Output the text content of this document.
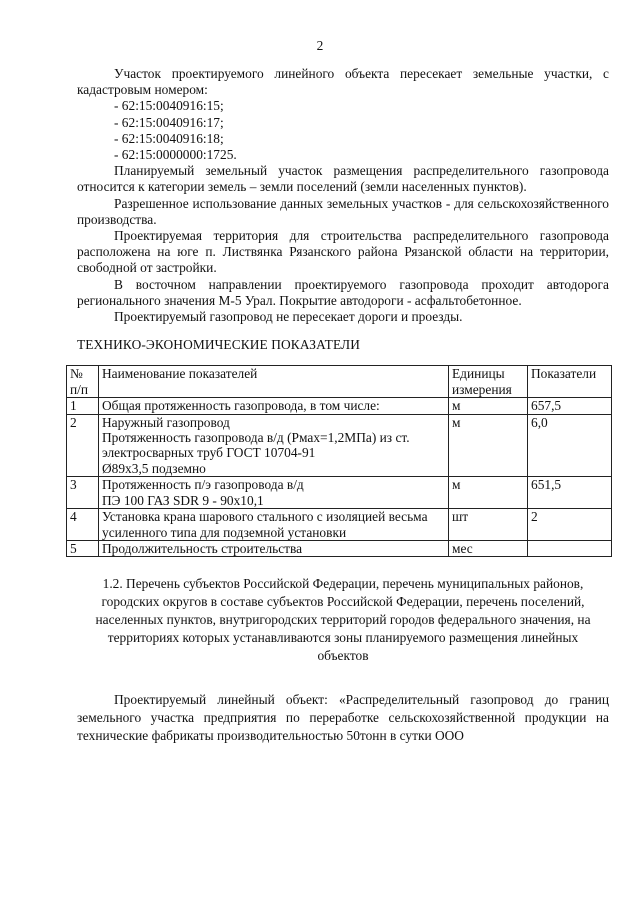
2

Участок проектируемого линейного объекта пересекает земельные участки, с кадастровым номером:

- 62:15:0040916:15;

- 62:15:0040916:17;

- 62:15:0040916:18;

- 62:15:0000000:1725.

Планируемый земельный участок размещения распределительного газопровода относится к категории земель – земли поселений (земли населенных пунктов).

Разрешенное использование данных земельных участков - для сельскохозяйственного производства.

Проектируемая территория для строительства распределительного газопровода расположена на юге п. Листвянка Рязанского района Рязанской области на территории, свободной от застройки.

В восточном направлении проектируемого газопровода проходит автодорога регионального значения М-5 Урал. Покрытие автодороги - асфальтобетонное.

Проектируемый газопровод не пересекает дороги и проезды.

ТЕХНИКО-ЭКОНОМИЧЕСКИЕ ПОКАЗАТЕЛИ

№ п/п	Наименование показателей	Единицы измерения	Показатели
1	Общая протяженность газопровода, в том числе:	м	657,5
2	Наружный газопровод
Протяженность газопровода в/д (Рмах=1,2МПа) из ст. электросварных труб ГОСТ 10704-91
Ø89х3,5 подземно	м	6,0
3	Протяженность п/э газопровода в/д
ПЭ 100 ГАЗ SDR 9 - 90х10,1	м	651,5
4	Установка крана шарового стального с изоляцией весьма усиленного типа для подземной установки	шт	2
5	Продолжительность строительства	мес	

1.2. Перечень субъектов Российской Федерации, перечень муниципальных районов, городских округов в составе субъектов Российской Федерации, перечень поселений, населенных пунктов, внутригородских территорий городов федерального значения, на территориях которых устанавливаются зоны планируемого размещения линейных объектов

Проектируемый линейный объект: «Распределительный газопровод до границ земельного участка предприятия по переработке сельскохозяйственной продукции на технические фабрикаты производительностью 50тонн в сутки ООО
